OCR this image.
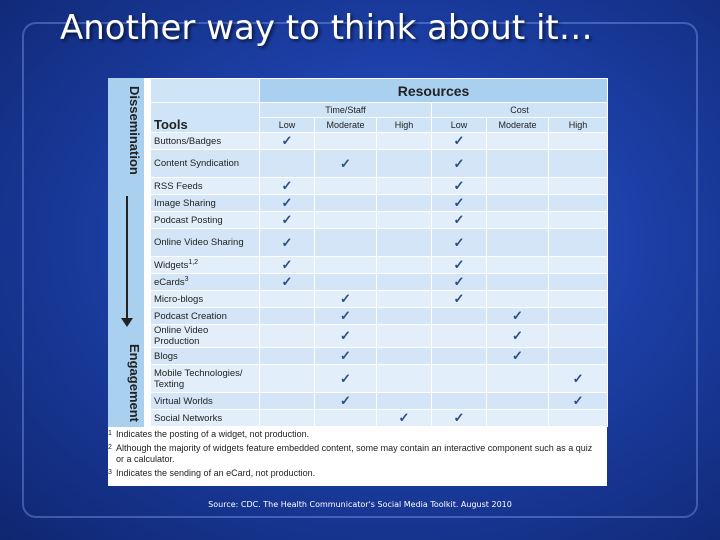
Another way to think about it…
Dissemination
Engagement
	Resources					
Tools	Time/Staff			Cost		
	Low	Moderate	High	Low	Moderate	High
Buttons/Badges	✓			✓		
Content Syndication		✓		✓		
RSS Feeds	✓			✓		
Image Sharing	✓			✓		
Podcast Posting	✓			✓		
Online Video Sharing	✓			✓		
Widgets$^{1,2}$	✓			✓		
eCards$^3$	✓			✓		
Micro-blogs		✓		✓		
Podcast Creation		✓			✓	
Online Video Production		✓			✓	
Blogs		✓			✓	
Mobile Technologies/ Texting		✓				✓
Virtual Worlds		✓				✓
Social Networks			✓	✓		
1 Indicates the posting of a widget, not production.
2 Although the majority of widgets feature embedded content, some may contain an interactive component such as a quiz or a calculator.
3 Indicates the sending of an eCard, not production.
Source: CDC. The Health Communicator's Social Media Toolkit. August 2010
